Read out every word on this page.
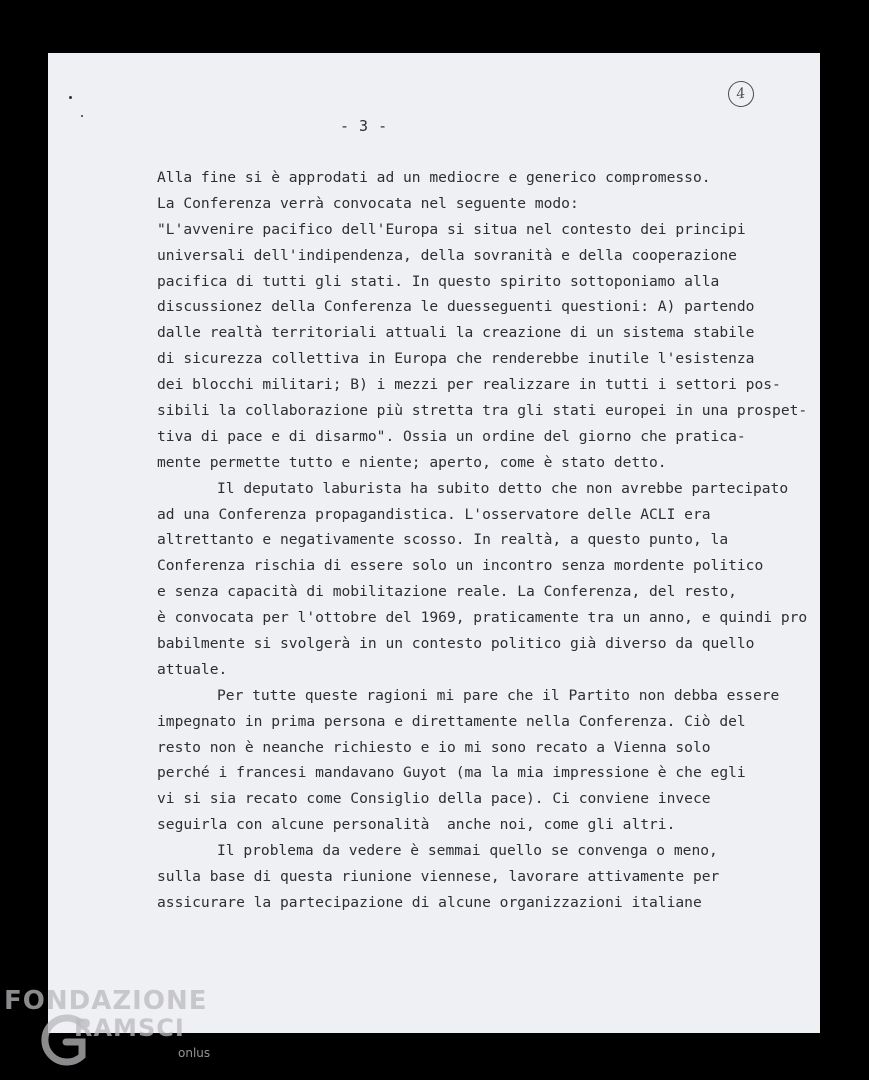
- 3 -
4
Alla fine si è approdati ad un mediocre e generico compromesso.
La Conferenza verrà convocata nel seguente modo:
"L'avvenire pacifico dell'Europa si situa nel contesto dei principi
universali dell'indipendenza, della sovranità e della cooperazione
pacifica di tutti gli stati. In questo spirito sottoponiamo alla
discussionez della Conferenza le duesseguenti questioni: A) partendo
dalle realtà territoriali attuali la creazione di un sistema stabile
di sicurezza collettiva in Europa che renderebbe inutile l'esistenza
dei blocchi militari; B) i mezzi per realizzare in tutti i settori pos-
sibili la collaborazione più stretta tra gli stati europei in una prospet-
tiva di pace e di disarmo". Ossia un ordine del giorno che pratica-
mente permette tutto e niente; aperto, come è stato detto.
Il deputato laburista ha subito detto che non avrebbe partecipato
ad una Conferenza propagandistica. L'osservatore delle ACLI era
altrettanto e negativamente scosso. In realtà, a questo punto, la
Conferenza rischia di essere solo un incontro senza mordente politico
e senza capacità di mobilitazione reale. La Conferenza, del resto,
è convocata per l'ottobre del 1969, praticamente tra un anno, e quindi pro
babilmente si svolgerà in un contesto politico già diverso da quello
attuale.
Per tutte queste ragioni mi pare che il Partito non debba essere
impegnato in prima persona e direttamente nella Conferenza. Ciò del
resto non è neanche richiesto e io mi sono recato a Vienna solo
perché i francesi mandavano Guyot (ma la mia impressione è che egli
vi si sia recato come Consiglio della pace). Ci conviene invece
seguirla con alcune personalità  anche noi, come gli altri.
Il problema da vedere è semmai quello se convenga o meno,
sulla base di questa riunione viennese, lavorare attivamente per
assicurare la partecipazione di alcune organizzazioni italiane
FONDAZIONE
RAMSCI
onlus
